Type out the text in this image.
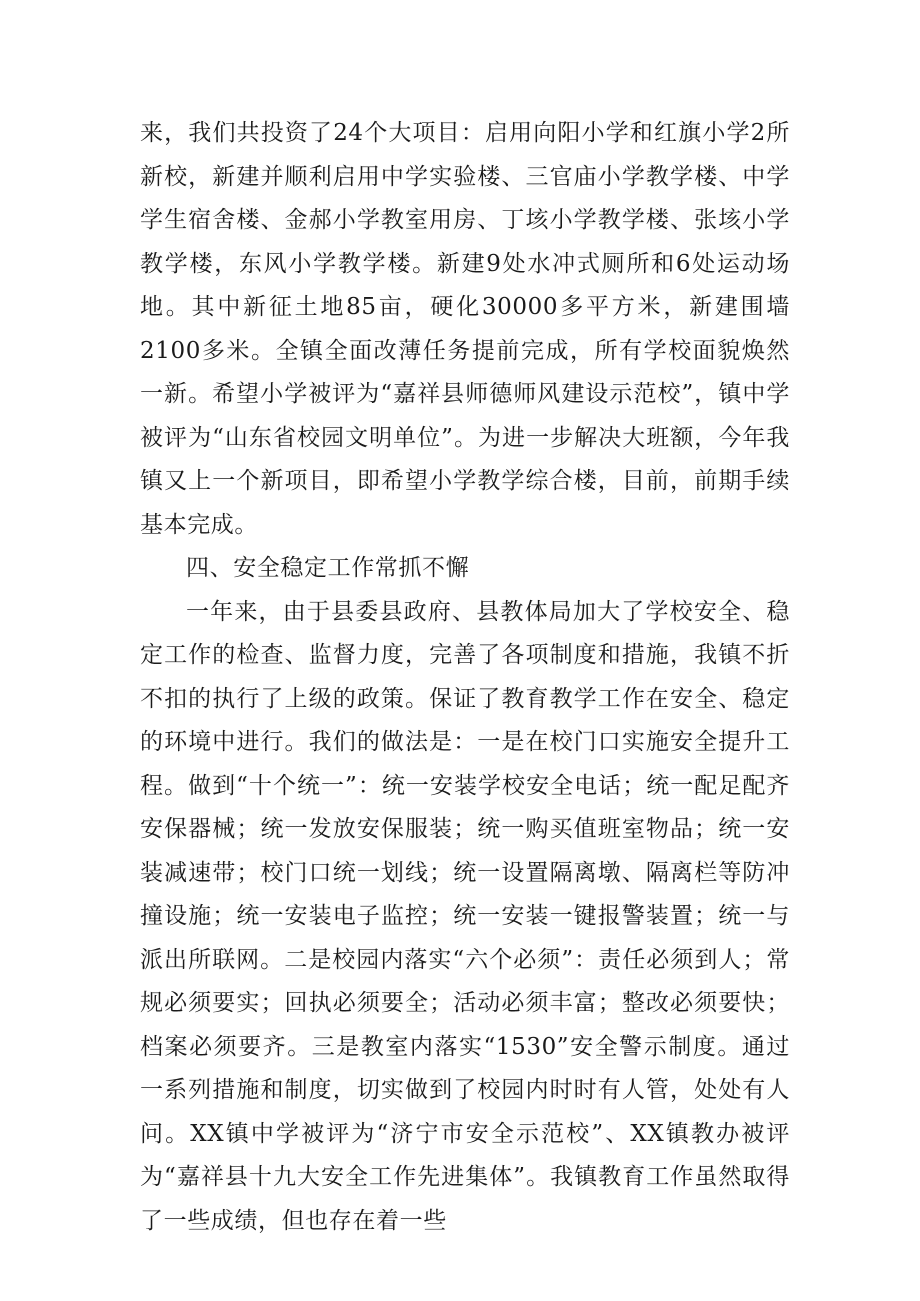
来，我们共投资了24个大项目：启用向阳小学和红旗小学2所新校，新建并顺利启用中学实验楼、三官庙小学教学楼、中学学生宿舍楼、金郝小学教室用房、丁垓小学教学楼、张垓小学教学楼，东风小学教学楼。新建9处水冲式厕所和6处运动场地。其中新征土地85亩，硬化30000多平方米，新建围墙2100多米。全镇全面改薄任务提前完成，所有学校面貌焕然一新。希望小学被评为“嘉祥县师德师风建设示范校”，镇中学被评为“山东省校园文明单位”。为进一步解决大班额，今年我镇又上一个新项目，即希望小学教学综合楼，目前，前期手续基本完成。

四、安全稳定工作常抓不懈

一年来，由于县委县政府、县教体局加大了学校安全、稳定工作的检查、监督力度，完善了各项制度和措施，我镇不折不扣的执行了上级的政策。保证了教育教学工作在安全、稳定的环境中进行。我们的做法是：一是在校门口实施安全提升工程。做到“十个统一”：统一安装学校安全电话；统一配足配齐安保器械；统一发放安保服装；统一购买值班室物品；统一安装减速带；校门口统一划线；统一设置隔离墩、隔离栏等防冲撞设施；统一安装电子监控；统一安装一键报警装置；统一与派出所联网。二是校园内落实“六个必须”：责任必须到人；常规必须要实；回执必须要全；活动必须丰富；整改必须要快；档案必须要齐。三是教室内落实“1530”安全警示制度。通过一系列措施和制度，切实做到了校园内时时有人管，处处有人问。XX镇中学被评为“济宁市安全示范校”、XX镇教办被评为“嘉祥县十九大安全工作先进集体”。我镇教育工作虽然取得了一些成绩，但也存在着一些
